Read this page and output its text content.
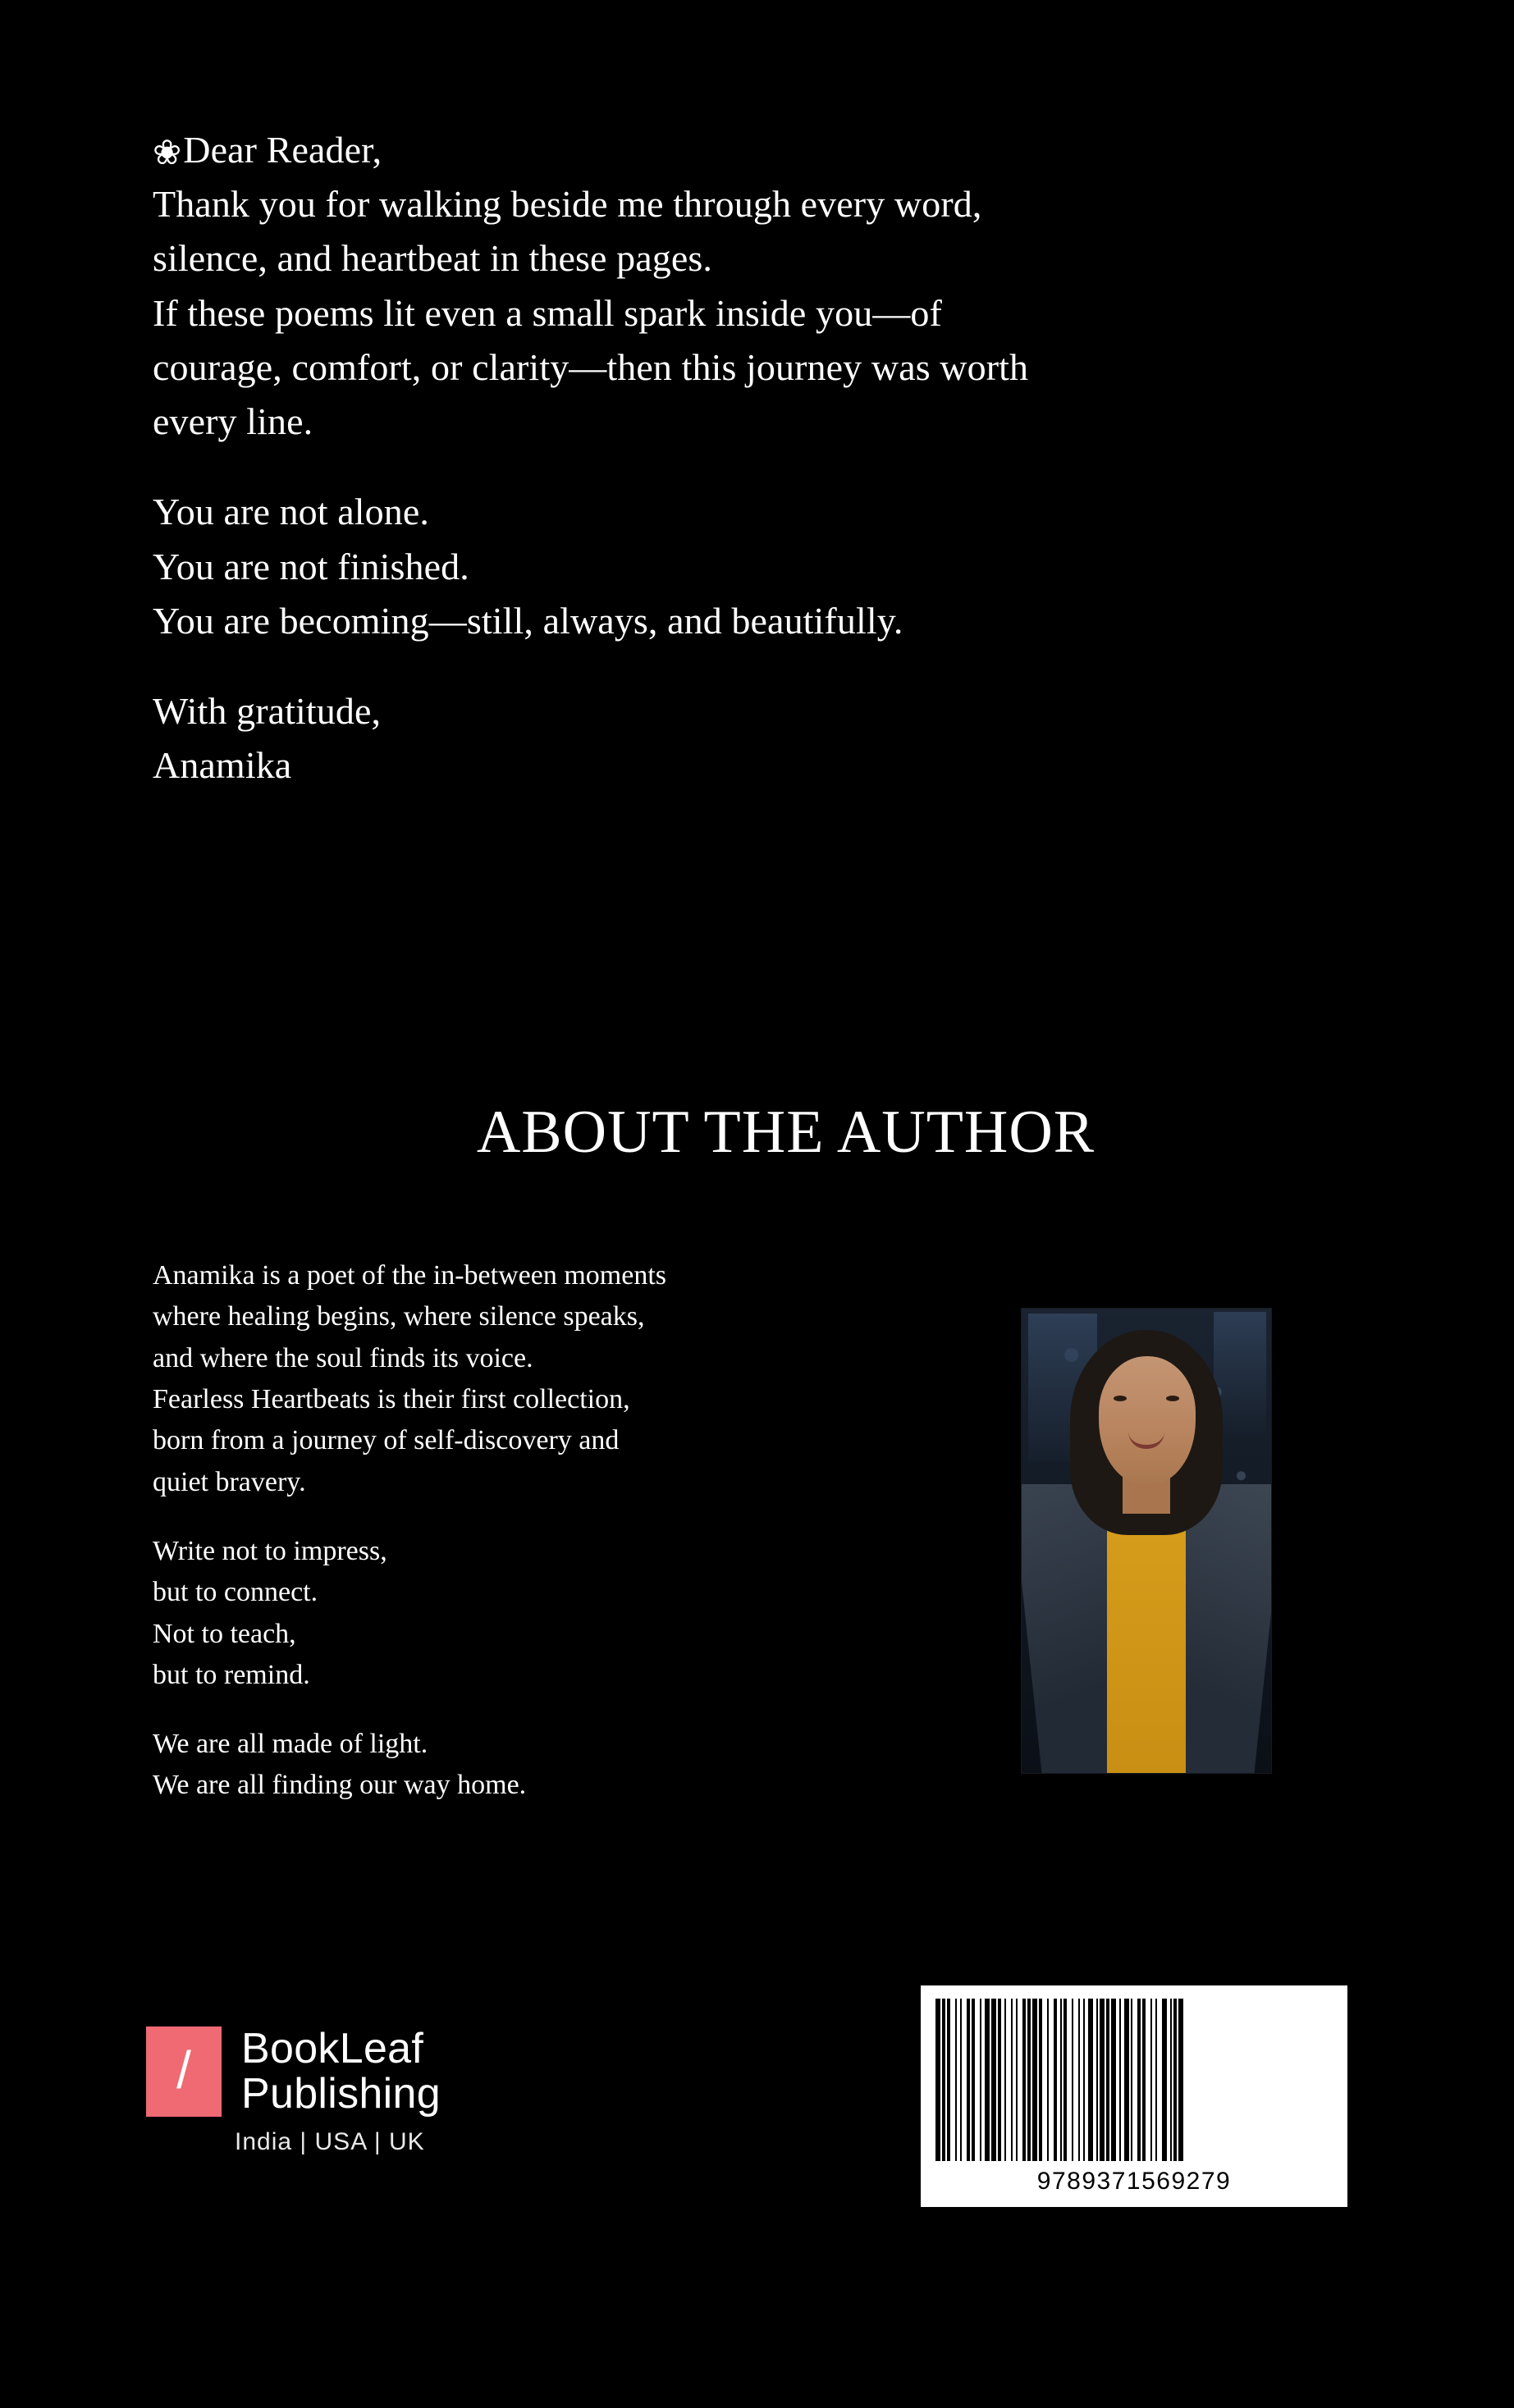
❀Dear Reader,

Thank you for walking beside me through every word,

silence, and heartbeat in these pages.

If these poems lit even a small spark inside you—of

courage, comfort, or clarity—then this journey was worth

every line.

You are not alone.

You are not finished.

You are becoming—still, always, and beautifully.

With gratitude,

Anamika

ABOUT THE AUTHOR

Anamika is a poet of the in-between moments

where healing begins, where silence speaks,

and where the soul finds its voice.

Fearless Heartbeats is their first collection,

born from a journey of self-discovery and

quiet bravery.

Write not to impress,

but to connect.

Not to teach,

but to remind.

We are all made of light.

We are all finding our way home.

/ BookLeaf
Publishing
India | USA | UK
9789371569279
